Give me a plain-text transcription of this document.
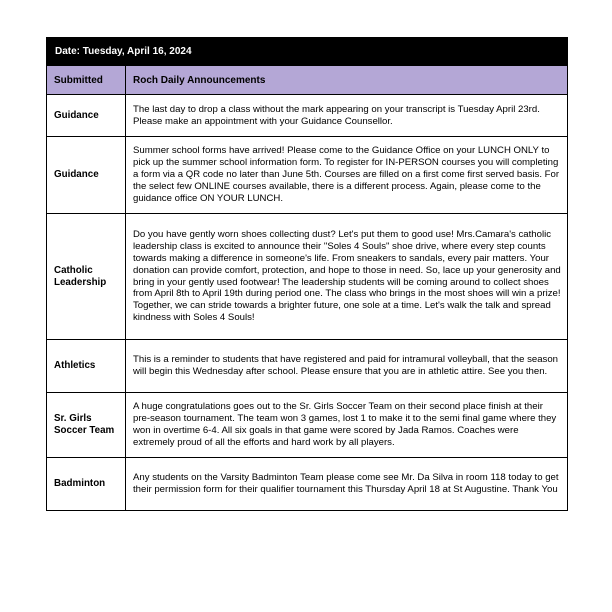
Date: Tuesday, April 16, 2024	
Submitted	Roch Daily Announcements
Guidance	The last day to drop a class without the mark appearing on your transcript is Tuesday April 23rd. Please make an appointment with your Guidance Counsellor.
Guidance	Summer school forms have arrived! Please come to the Guidance Office on your LUNCH ONLY to pick up the summer school information form. To register for IN-PERSON courses you will completing a form via a QR code no later than June 5th. Courses are filled on a first come first served basis. For the select few ONLINE courses available, there is a different process. Again, please come to the guidance office ON YOUR LUNCH.
Catholic Leadership	Do you have gently worn shoes collecting dust? Let's put them to good use! Mrs.Camara's catholic leadership class is excited to announce their "Soles 4 Souls" shoe drive, where every step counts towards making a difference in someone's life. From sneakers to sandals, every pair matters. Your donation can provide comfort, protection, and hope to those in need. So, lace up your generosity and bring in your gently used footwear! The leadership students will be coming around to collect shoes from April 8th to April 19th during period one. The class who brings in the most shoes will win a prize! Together, we can stride towards a brighter future, one sole at a time. Let's walk the talk and spread kindness with Soles 4 Souls!
Athletics	This is a reminder to students that have registered and paid for intramural volleyball, that the season will begin this Wednesday after school. Please ensure that you are in athletic attire. See you then.
Sr. Girls Soccer Team	A huge congratulations goes out to the Sr. Girls Soccer Team on their second place finish at their pre-season tournament. The team won 3 games, lost 1 to make it to the semi final game where they won in overtime 6-4. All six goals in that game were scored by Jada Ramos. Coaches were extremely proud of all the efforts and hard work by all players.
Badminton	Any students on the Varsity Badminton Team please come see Mr. Da Silva in room 118 today to get their permission form for their qualifier tournament this Thursday April 18 at St Augustine. Thank You
